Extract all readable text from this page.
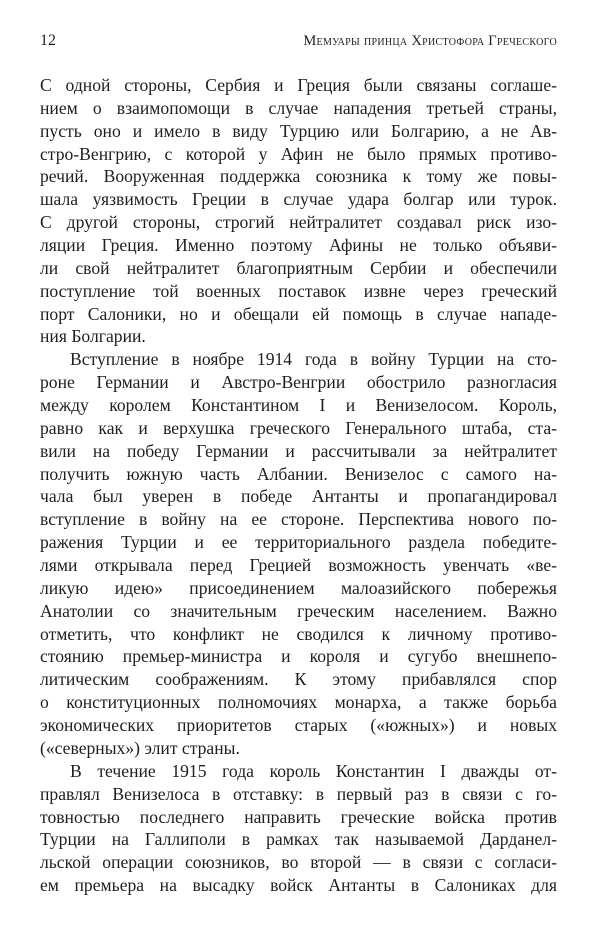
12	Мемуары принца Христофора Греческого
С одной стороны, Сербия и Греция были связаны соглаше-
нием о взаимопомощи в случае нападения третьей страны,
пусть оно и имело в виду Турцию или Болгарию, а не Ав-
стро-Венгрию, с которой у Афин не было прямых противо-
речий. Вооруженная поддержка союзника к тому же повы-
шала уязвимость Греции в случае удара болгар или турок.
С другой стороны, строгий нейтралитет создавал риск изо-
ляции Греция. Именно поэтому Афины не только объяви-
ли свой нейтралитет благоприятным Сербии и обеспечили
поступление той военных поставок извне через греческий
порт Салоники, но и обещали ей помощь в случае нападе-
ния Болгарии.
Вступление в ноябре 1914 года в войну Турции на сто-
роне Германии и Австро-Венгрии обострило разногласия
между королем Константином I и Венизелосом. Король,
равно как и верхушка греческого Генерального штаба, ста-
вили на победу Германии и рассчитывали за нейтралитет
получить южную часть Албании. Венизелос с самого на-
чала был уверен в победе Антанты и пропагандировал
вступление в войну на ее стороне. Перспектива нового по-
ражения Турции и ее территориального раздела победите-
лями открывала перед Грецией возможность увенчать «ве-
ликую идею» присоединением малоазийского побережья
Анатолии со значительным греческим населением. Важно
отметить, что конфликт не сводился к личному противо-
стоянию премьер-министра и короля и сугубо внешнепо-
литическим соображениям. К этому прибавлялся спор
о конституционных полномочиях монарха, а также борьба
экономических приоритетов старых («южных») и новых
(«северных») элит страны.
В течение 1915 года король Константин I дважды от-
правлял Венизелоса в отставку: в первый раз в связи с го-
товностью последнего направить греческие войска против
Турции на Галлиполи в рамках так называемой Дарданел-
льской операции союзников, во второй — в связи с согласи-
ем премьера на высадку войск Антанты в Салониках для
